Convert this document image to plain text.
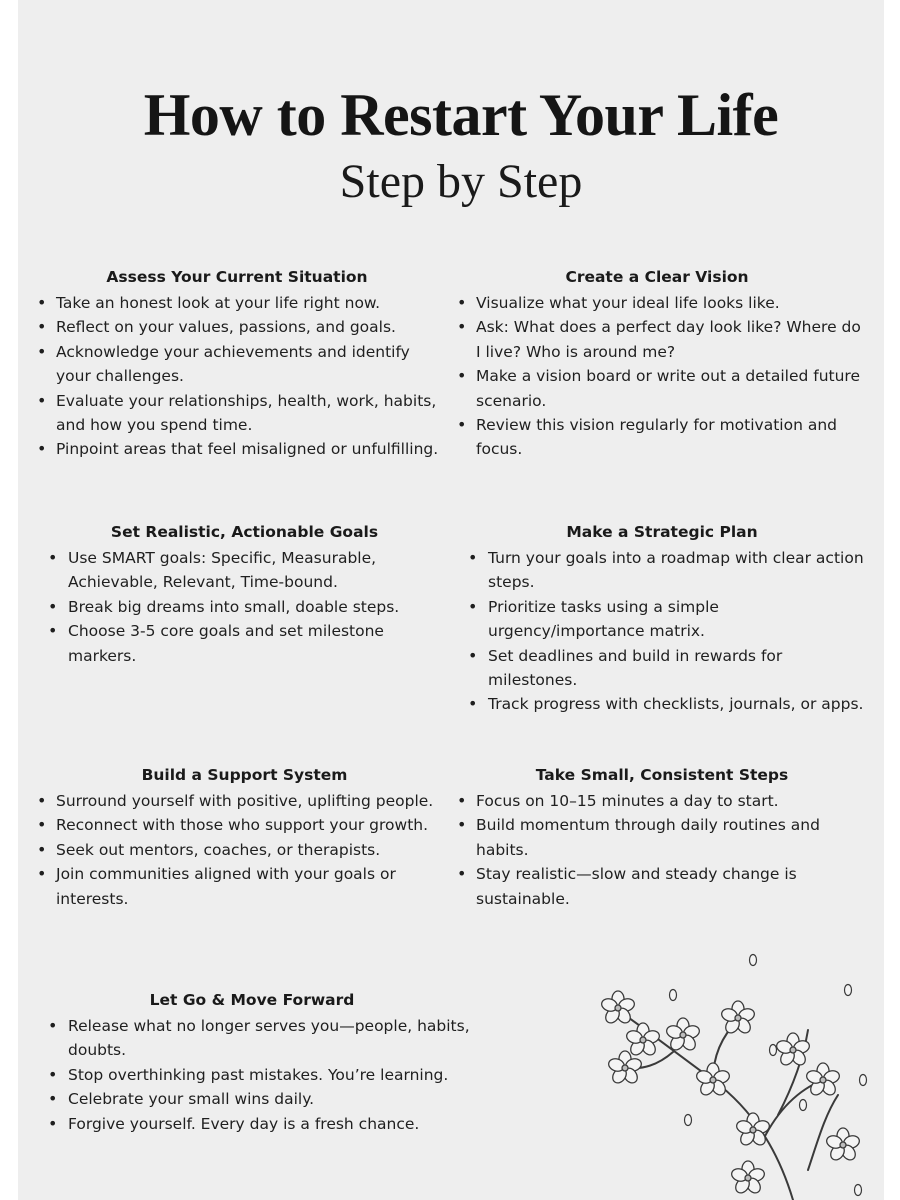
How to Restart Your Life
Step by Step
Assess Your Current Situation
• Take an honest look at your life right now.
• Reflect on your values, passions, and goals.
• Acknowledge your achievements and identify your challenges.
• Evaluate your relationships, health, work, habits, and how you spend time.
• Pinpoint areas that feel misaligned or unfulfilling.
Create a Clear Vision
• Visualize what your ideal life looks like.
• Ask: What does a perfect day look like? Where do I live? Who is around me?
• Make a vision board or write out a detailed future scenario.
• Review this vision regularly for motivation and focus.
Set Realistic, Actionable Goals
• Use SMART goals: Specific, Measurable, Achievable, Relevant, Time-bound.
• Break big dreams into small, doable steps.
• Choose 3-5 core goals and set milestone markers.
Make a Strategic Plan
• Turn your goals into a roadmap with clear action steps.
• Prioritize tasks using a simple urgency/importance matrix.
• Set deadlines and build in rewards for milestones.
• Track progress with checklists, journals, or apps.
Build a Support System
• Surround yourself with positive, uplifting people.
• Reconnect with those who support your growth.
• Seek out mentors, coaches, or therapists.
• Join communities aligned with your goals or interests.
Take Small, Consistent Steps
• Focus on 10–15 minutes a day to start.
• Build momentum through daily routines and habits.
• Stay realistic—slow and steady change is sustainable.
Let Go & Move Forward
• Release what no longer serves you—people, habits, doubts.
• Stop overthinking past mistakes. You’re learning.
• Celebrate your small wins daily.
• Forgive yourself. Every day is a fresh chance.
